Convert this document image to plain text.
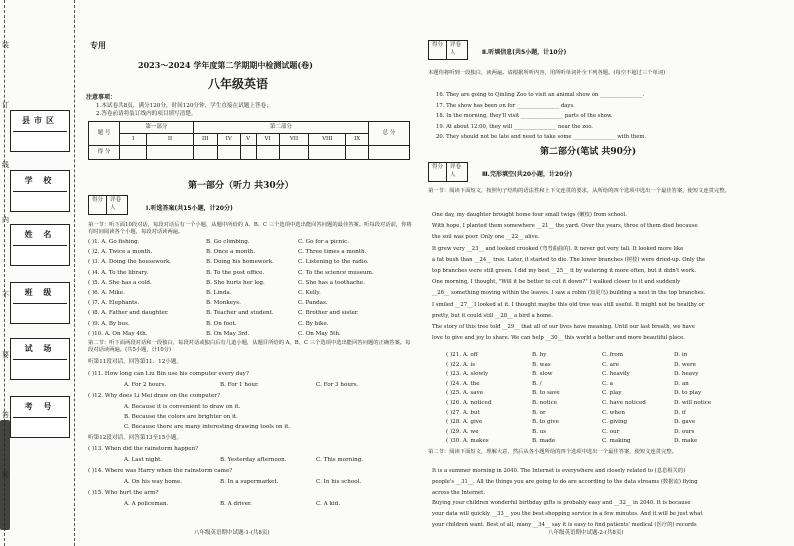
县市区
学 校
姓 名
班 级
试 场
考 号
装
订
线
内
不
要
答
专用
2023～2024 学年度第二学期期中检测试题(卷)
八年级英语
注意事项：
1.本试卷共8页，满分120分，时间120分钟，学生直接在试题上答卷；
2.答卷前请将装订线内的项目填写清楚。
题 号	第一部分		第二部分							总 分
	I	II	III	IV	V	VI	VII	VIII	IX	
得 分										
第一部分（听力 共30分）
得分	评卷人	Ⅰ.听选答案(共15小题，计20分)
第一节：听下面10段对话，每段对话后有一个小题，从题中所给的 A、B、C 三个选项中选出能回答问题的最佳答案。听每段对话前，你将有时间阅读各个小题，每段对话读两遍。
( )1. A. Go fishing.	B. Go climbing.	C. Go for a picnic.
( )2. A. Twice a month.	B. Once a month.	C. Three times a month.
( )3. A. Doing the housework.	B. Doing his homework.	C. Listening to the radio.
( )4. A. To the library.	B. To the post office.	C. To the science museum.
( )5. A. She has a cold.	B. She hurts her leg.	C. She has a toothache.
( )6. A. Mike.	B. Linda.	C. Kelly.
( )7. A. Elephants.	B. Monkeys.	C. Pandas.
( )8. A. Father and daughter.	B. Teacher and student.	C. Brother and sister.
( )9. A. By bus.	B. On foot.	C. By bike.
( )10. A. On May 4th.	B. On May 3rd.	C. On May 5th.
第二节：听下面两段对话和一段独白，每段对话或独白后有几道小题，从题目所给的 A、B、C 三个选项中选出能回答问题的正确答案。每段对话读两遍。(共5小题，计10分)
听第11段对话，回答第11、12小题。
( )11. How long can Liu Bin use his computer every day?
A. For 2 hours.	B. For 1 hour.	C. For 3 hours.
( )12. Why does Li Mei draw on the computer?
A. Because it is convenient to draw on it.
B. Because the colors are brighter on it.
C. Because there are many interesting drawing tools on it.
听第12段对话，回答第13至15小题。
( )13. When did the rainstorm happen?
A. Last night.	B. Yesterday afternoon.	C. This morning.
( )14. Where was Harry when the rainstorm came?
A. On his way home.	B. In a supermarket.	C. In his school.
( )15. Who hurt the arm?
A. A policeman.	B. A driver.	C. A kid.
八年级英语期中试题-1-(共8页)
得分	评卷人	Ⅱ.听填信息(共5小题，计10分)
本题你将听到一段独白，读两遍。请根据所听内容，用所听单词补全下列各题。(每空不超过三个单词)
16. They are going to Qinling Zoo to visit an animal show on ________________.
17. The show has been on for ________________ days.
18. In the morning, they'll visit ________________ parts of the show.
19. At about 12:00, they will ________________ near the zoo.
20. They should not be late and need to take some ________________ with them.
第二部分(笔试 共90分)
得分	评卷人	Ⅲ.完形填空(共20小题，计20分)
第一节：阅读下面短文，按照句子结构的语法性和上下文连贯的要求，从所给的四个选项中选出一个最佳答案，使短文连贯完整。
One day, my daughter brought home four small twigs (嫩枝) from school.
With hope, I planted them somewhere __21__ the yard. Over the years, three of them died because
the soil was poor. Only one __22__ alive.
It grew very __23__ and looked crooked (弯弯曲曲的). It never got very tall. It looked more like
a fat bush than __24__ tree. Later, it started to die. The lower branches (树枝) were dried-up. Only the
top branches were still green. I did my best __25__ it by watering it more often, but it didn't work.
One morning, I thought, "Will it be better to cut it down?" I walked closer to it and suddenly
__26__ something moving within the leaves. I saw a robin (知更鸟) building a nest in the top branches.
I smiled __27__ I looked at it. I thought maybe this old tree was still useful. It might not be healthy or
pretty, but it could still __28__ a bird a home.
The story of this tree told __29__ that all of our lives have meaning. Until our last breath, we have
love to give and joy to share. We can help __30__ this world a better and more beautiful place.
( )21. A. off	B. by	C. from	D. in
( )22. A. is	B. was	C. are	D. were
( )23. A. slowly	B. slow	C. heavily	D. heavy
( )24. A. the	B. /	C. a	D. an
( )25. A. save	B. to save	C. play	D. to play
( )26. A. noticed	B. notice	C. have noticed	D. will notice
( )27. A. but	B. or	C. when	D. if
( )28. A. give	B. to give	C. giving	D. gave
( )29. A. we	B. us	C. our	D. ours
( )30. A. makes	B. made	C. making	D. make
第二节：阅读下面短文，理解大意，然后从各小题所给的四个选项中选出一个最佳答案，使短文连贯完整。
It is a summer morning in 2040. The Internet is everywhere and closely related to (息息相关的)
people's __31__. All the things you are going to do are according to the data streams (数据流) flying
across the Internet.
Buying your children wonderful birthday gifts is probably easy and __32__ in 2040. It is because
your data will quickly __33__ you the best shopping service in a few minutes. And it will be just what
your children want. Best of all, many __34__ say it is easy to find patients' medical (医疗的) records
八年级英语期中试题-2-(共8页)
